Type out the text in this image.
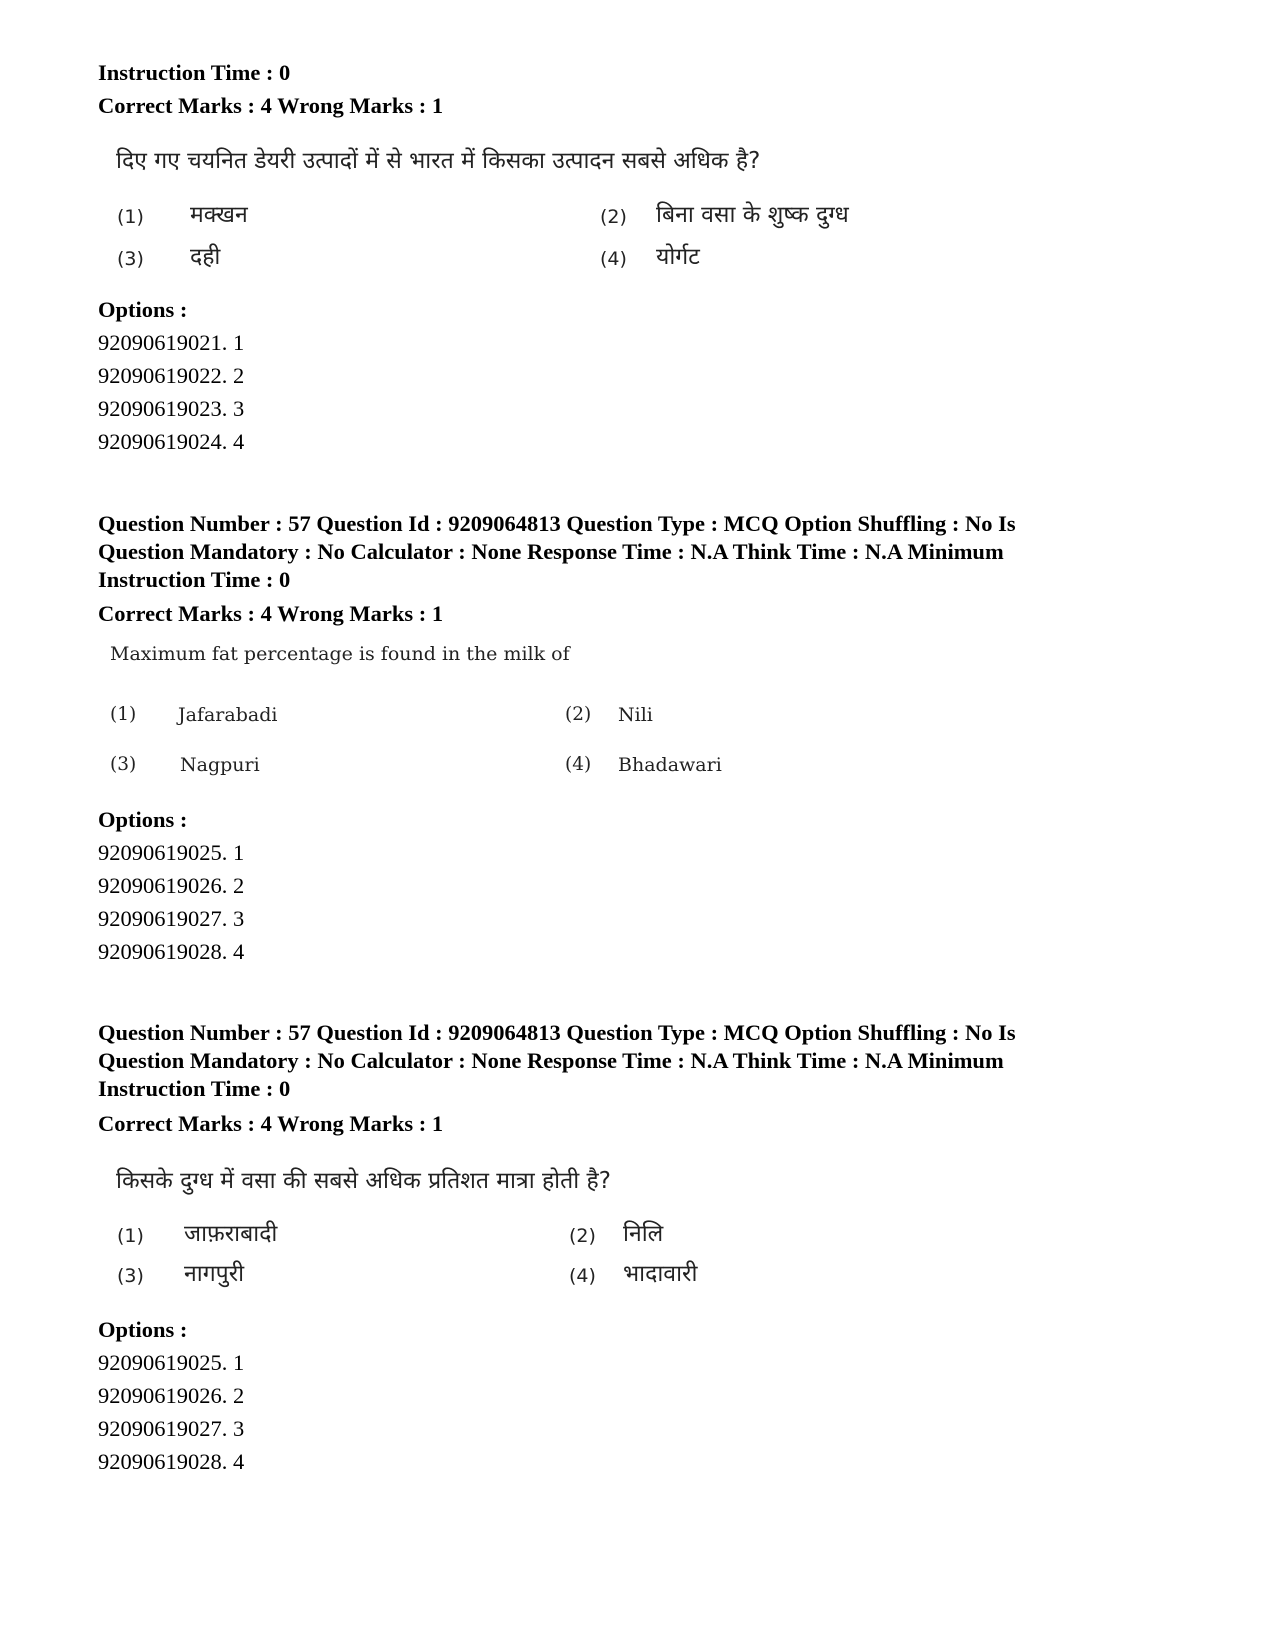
Instruction Time : 0
Correct Marks : 4 Wrong Marks : 1
दिए गए चयनित डेयरी उत्पादों में से भारत में किसका उत्पादन सबसे अधिक है?
(1) मक्खन	(2) बिना वसा के शुष्क दुग्ध
(3) दही	(4) योर्गट
Options :
92090619021. 1
92090619022. 2
92090619023. 3
92090619024. 4
Question Number : 57 Question Id : 9209064813 Question Type : MCQ Option Shuffling : No Is
Question Mandatory : No Calculator : None Response Time : N.A Think Time : N.A Minimum
Instruction Time : 0
Correct Marks : 4 Wrong Marks : 1
Maximum fat percentage is found in the milk of
(1) Jafarabadi	(2) Nili
(3) Nagpuri	(4) Bhadawari
Options :
92090619025. 1
92090619026. 2
92090619027. 3
92090619028. 4
Question Number : 57 Question Id : 9209064813 Question Type : MCQ Option Shuffling : No Is
Question Mandatory : No Calculator : None Response Time : N.A Think Time : N.A Minimum
Instruction Time : 0
Correct Marks : 4 Wrong Marks : 1
किसके दुग्ध में वसा की सबसे अधिक प्रतिशत मात्रा होती है?
(1) जाफ़राबादी	(2) निलि
(3) नागपुरी	(4) भादावारी
Options :
92090619025. 1
92090619026. 2
92090619027. 3
92090619028. 4
